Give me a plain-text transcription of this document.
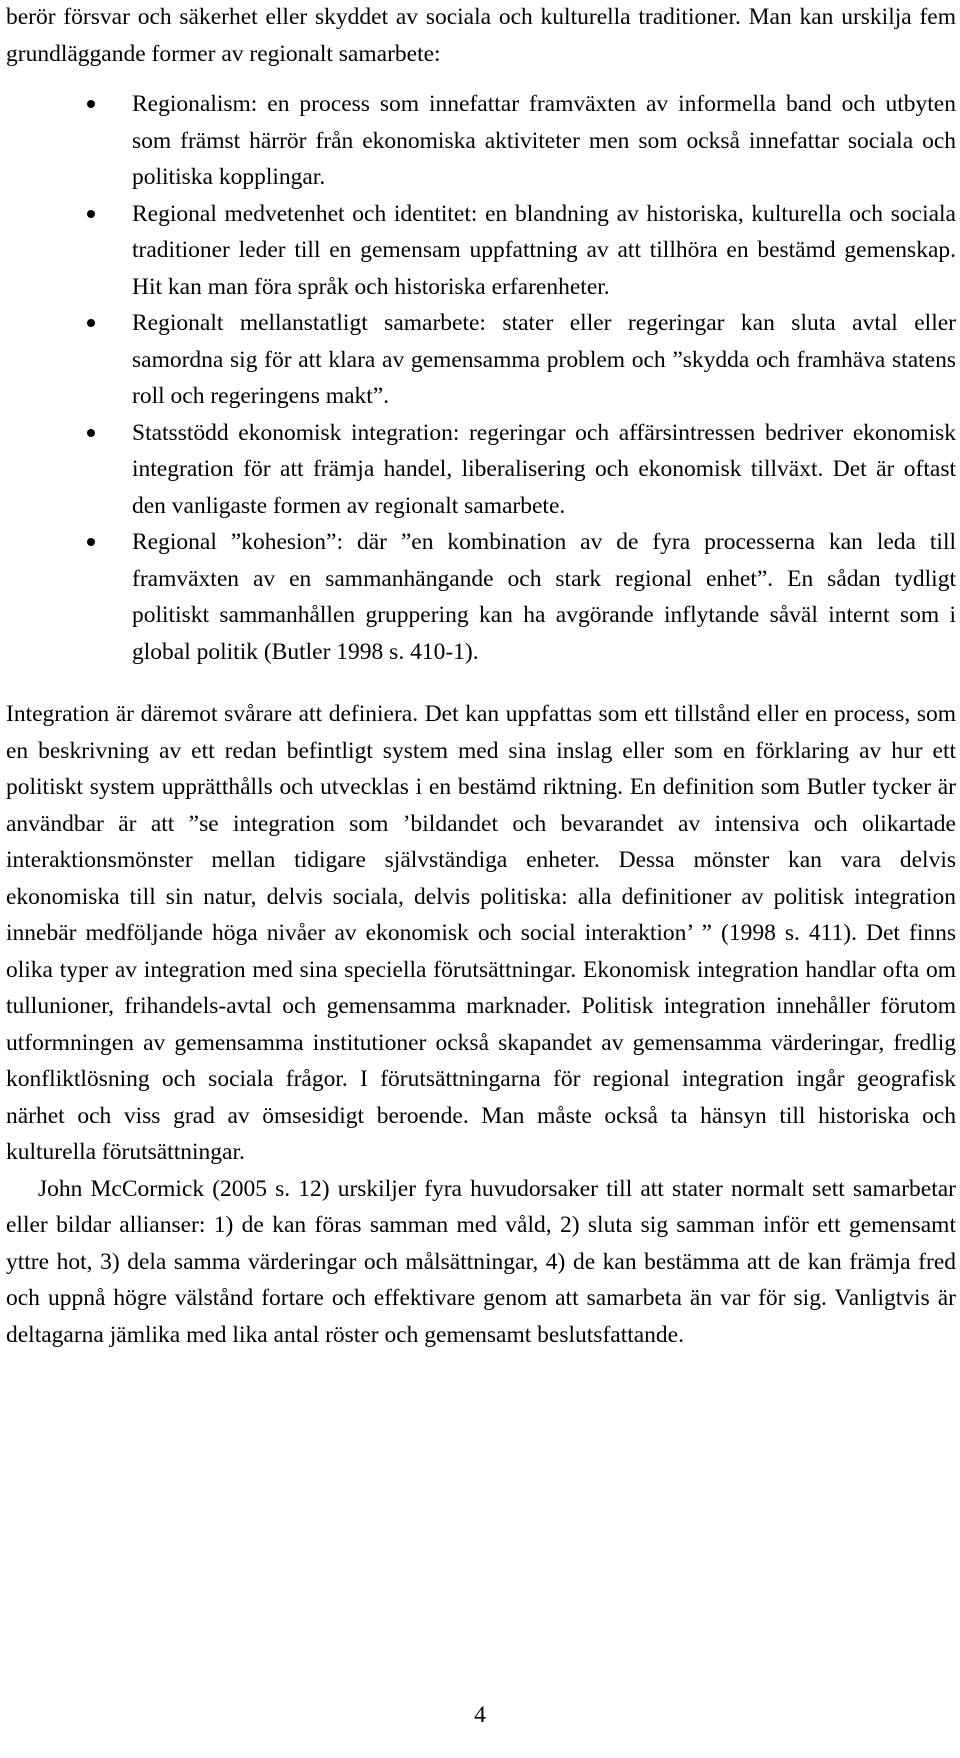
berör försvar och säkerhet eller skyddet av sociala och kulturella traditioner. Man kan urskilja fem grundläggande former av regionalt samarbete:

Regionalism: en process som innefattar framväxten av informella band och utbyten som främst härrör från ekonomiska aktiviteter men som också innefattar sociala och politiska kopplingar.
Regional medvetenhet och identitet: en blandning av historiska, kulturella och sociala traditioner leder till en gemensam uppfattning av att tillhöra en bestämd gemenskap. Hit kan man föra språk och historiska erfarenheter.
Regionalt mellanstatligt samarbete: stater eller regeringar kan sluta avtal eller samordna sig för att klara av gemensamma problem och ”skydda och framhäva statens roll och regeringens makt”.
Statsstödd ekonomisk integration: regeringar och affärsintressen bedriver ekonomisk integration för att främja handel, liberalisering och ekonomisk tillväxt. Det är oftast den vanligaste formen av regionalt samarbete.
Regional ”kohesion”: där ”en kombination av de fyra processerna kan leda till framväxten av en sammanhängande och stark regional enhet”. En sådan tydligt politiskt sammanhållen gruppering kan ha avgörande inflytande såväl internt som i global politik (Butler 1998 s. 410-1).

Integration är däremot svårare att definiera. Det kan uppfattas som ett tillstånd eller en process, som en beskrivning av ett redan befintligt system med sina inslag eller som en förklaring av hur ett politiskt system upprätthålls och utvecklas i en bestämd riktning. En definition som Butler tycker är användbar är att ”se integration som ’bildandet och bevarandet av intensiva och olikartade interaktionsmönster mellan tidigare självständiga enheter. Dessa mönster kan vara delvis ekonomiska till sin natur, delvis sociala, delvis politiska: alla definitioner av politisk integration innebär medföljande höga nivåer av ekonomisk och social interaktion’ ” (1998 s. 411). Det finns olika typer av integration med sina speciella förutsättningar. Ekonomisk integration handlar ofta om tullunioner, frihandels-avtal och gemensamma marknader. Politisk integration innehåller förutom utformningen av gemensamma institutioner också skapandet av gemensamma värderingar, fredlig konfliktlösning och sociala frågor. I förutsättningarna för regional integration ingår geografisk närhet och viss grad av ömsesidigt beroende. Man måste också ta hänsyn till historiska och kulturella förutsättningar.

John McCormick (2005 s. 12) urskiljer fyra huvudorsaker till att stater normalt sett samarbetar eller bildar allianser: 1) de kan föras samman med våld, 2) sluta sig samman inför ett gemensamt yttre hot, 3) dela samma värderingar och målsättningar, 4) de kan bestämma att de kan främja fred och uppnå högre välstånd fortare och effektivare genom att samarbeta än var för sig. Vanligtvis är deltagarna jämlika med lika antal röster och gemensamt beslutsfattande.

4
